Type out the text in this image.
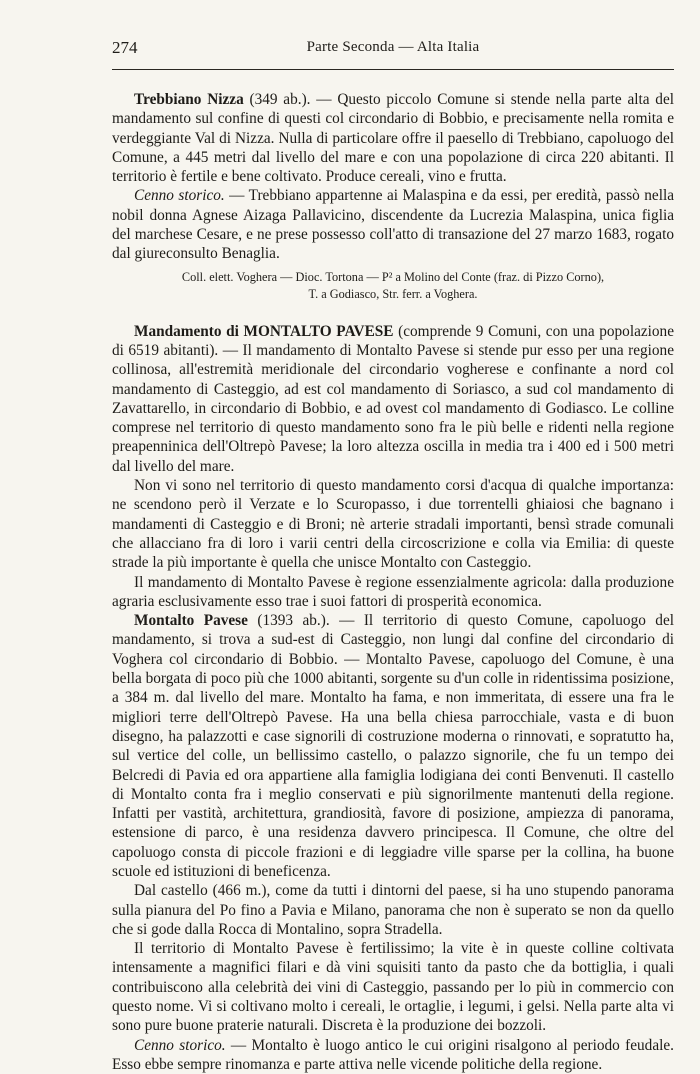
274	Parte Seconda — Alta Italia

Trebbiano Nizza (349 ab.). — Questo piccolo Comune si stende nella parte alta del mandamento sul confine di questi col circondario di Bobbio, e precisamente nella romita e verdeggiante Val di Nizza. Nulla di particolare offre il paesello di Trebbiano, capoluogo del Comune, a 445 metri dal livello del mare e con una popolazione di circa 220 abitanti. Il territorio è fertile e bene coltivato. Produce cereali, vino e frutta.

Cenno storico. — Trebbiano appartenne ai Malaspina e da essi, per eredità, passò nella nobil donna Agnese Aizaga Pallavicino, discendente da Lucrezia Malaspina, unica figlia del marchese Cesare, e ne prese possesso coll'atto di transazione del 27 marzo 1683, rogato dal giureconsulto Benaglia.

Coll. elett. Voghera — Dioc. Tortona — P² a Molino del Conte (fraz. di Pizzo Corno),
T. a Godiasco, Str. ferr. a Voghera.

Mandamento di MONTALTO PAVESE (comprende 9 Comuni, con una popolazione di 6519 abitanti). — Il mandamento di Montalto Pavese si stende pur esso per una regione collinosa, all'estremità meridionale del circondario vogherese e confinante a nord col mandamento di Casteggio, ad est col mandamento di Soriasco, a sud col mandamento di Zavattarello, in circondario di Bobbio, e ad ovest col mandamento di Godiasco. Le colline comprese nel territorio di questo mandamento sono fra le più belle e ridenti nella regione preapenninica dell'Oltrepò Pavese; la loro altezza oscilla in media tra i 400 ed i 500 metri dal livello del mare.

Non vi sono nel territorio di questo mandamento corsi d'acqua di qualche importanza: ne scendono però il Verzate e lo Scuropasso, i due torrentelli ghiaiosi che bagnano i mandamenti di Casteggio e di Broni; nè arterie stradali importanti, bensì strade comunali che allacciano fra di loro i varii centri della circoscrizione e colla via Emilia: di queste strade la più importante è quella che unisce Montalto con Casteggio.

Il mandamento di Montalto Pavese è regione essenzialmente agricola: dalla produzione agraria esclusivamente esso trae i suoi fattori di prosperità economica.

Montalto Pavese (1393 ab.). — Il territorio di questo Comune, capoluogo del mandamento, si trova a sud-est di Casteggio, non lungi dal confine del circondario di Voghera col circondario di Bobbio. — Montalto Pavese, capoluogo del Comune, è una bella borgata di poco più che 1000 abitanti, sorgente su d'un colle in ridentissima posizione, a 384 m. dal livello del mare. Montalto ha fama, e non immeritata, di essere una fra le migliori terre dell'Oltrepò Pavese. Ha una bella chiesa parrocchiale, vasta e di buon disegno, ha palazzotti e case signorili di costruzione moderna o rinnovati, e sopratutto ha, sul vertice del colle, un bellissimo castello, o palazzo signorile, che fu un tempo dei Belcredi di Pavia ed ora appartiene alla famiglia lodigiana dei conti Benvenuti. Il castello di Montalto conta fra i meglio conservati e più signorilmente mantenuti della regione. Infatti per vastità, architettura, grandiosità, favore di posizione, ampiezza di panorama, estensione di parco, è una residenza davvero principesca. Il Comune, che oltre del capoluogo consta di piccole frazioni e di leggiadre ville sparse per la collina, ha buone scuole ed istituzioni di beneficenza.

Dal castello (466 m.), come da tutti i dintorni del paese, si ha uno stupendo panorama sulla pianura del Po fino a Pavia e Milano, panorama che non è superato se non da quello che si gode dalla Rocca di Montalino, sopra Stradella.

Il territorio di Montalto Pavese è fertilissimo; la vite è in queste colline coltivata intensamente a magnifici filari e dà vini squisiti tanto da pasto che da bottiglia, i quali contribuiscono alla celebrità dei vini di Casteggio, passando per lo più in commercio con questo nome. Vi si coltivano molto i cereali, le ortaglie, i legumi, i gelsi. Nella parte alta vi sono pure buone praterie naturali. Discreta è la produzione dei bozzoli.

Cenno storico. — Montalto è luogo antico le cui origini risalgono al periodo feudale. Esso ebbe sempre rinomanza e parte attiva nelle vicende politiche della regione.
